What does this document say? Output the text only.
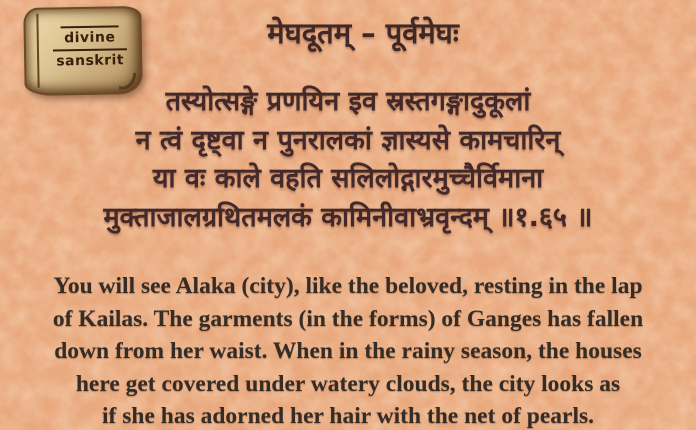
divine
sanskrit
मेघदूतम् – पूर्वमेघः
तस्योत्सङ्गे प्रणयिन इव स्रस्तगङ्गादुकूलां
न त्वं दृष्ट्वा न पुनरालकां ज्ञास्यसे कामचारिन्
या वः काले वहति सलिलोद्गारमुच्चैर्विमाना
मुक्ताजालग्रथितमलकं कामिनीवाभ्रवृन्दम् ॥१.६५ ॥
You will see Alaka (city), like the beloved, resting in the lap
of Kailas. The garments (in the forms) of Ganges has fallen
down from her waist. When in the rainy season, the houses
here get covered under watery clouds, the city looks as
if she has adorned her hair with the net of pearls.
